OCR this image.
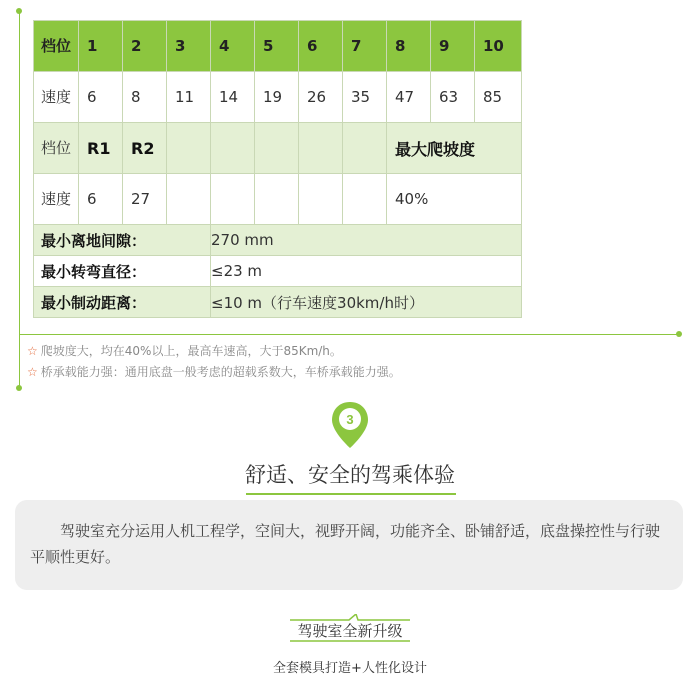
档位	1	2	3	4	5	6	7	8	9	10
速度	6	8	11	14	19	26	35	47	63	85
档位	R1	R2						最大爬坡度		
速度	6	27						40%		
最小离地间隙：				270 mm						
最小转弯直径：				≤23 m						
最小制动距离：				≤10 m（行车速度30km/h时）						
☆ 爬坡度大，均在40%以上，最高车速高，大于85Km/h。
☆ 桥承载能力强：通用底盘一般考虑的超载系数大，车桥承载能力强。
3
舒适、安全的驾乘体验
驾驶室充分运用人机工程学，空间大，视野开阔，功能齐全、卧铺舒适，底盘操控性与行驶平顺性更好。
驾驶室全新升级
全套模具打造+人性化设计
